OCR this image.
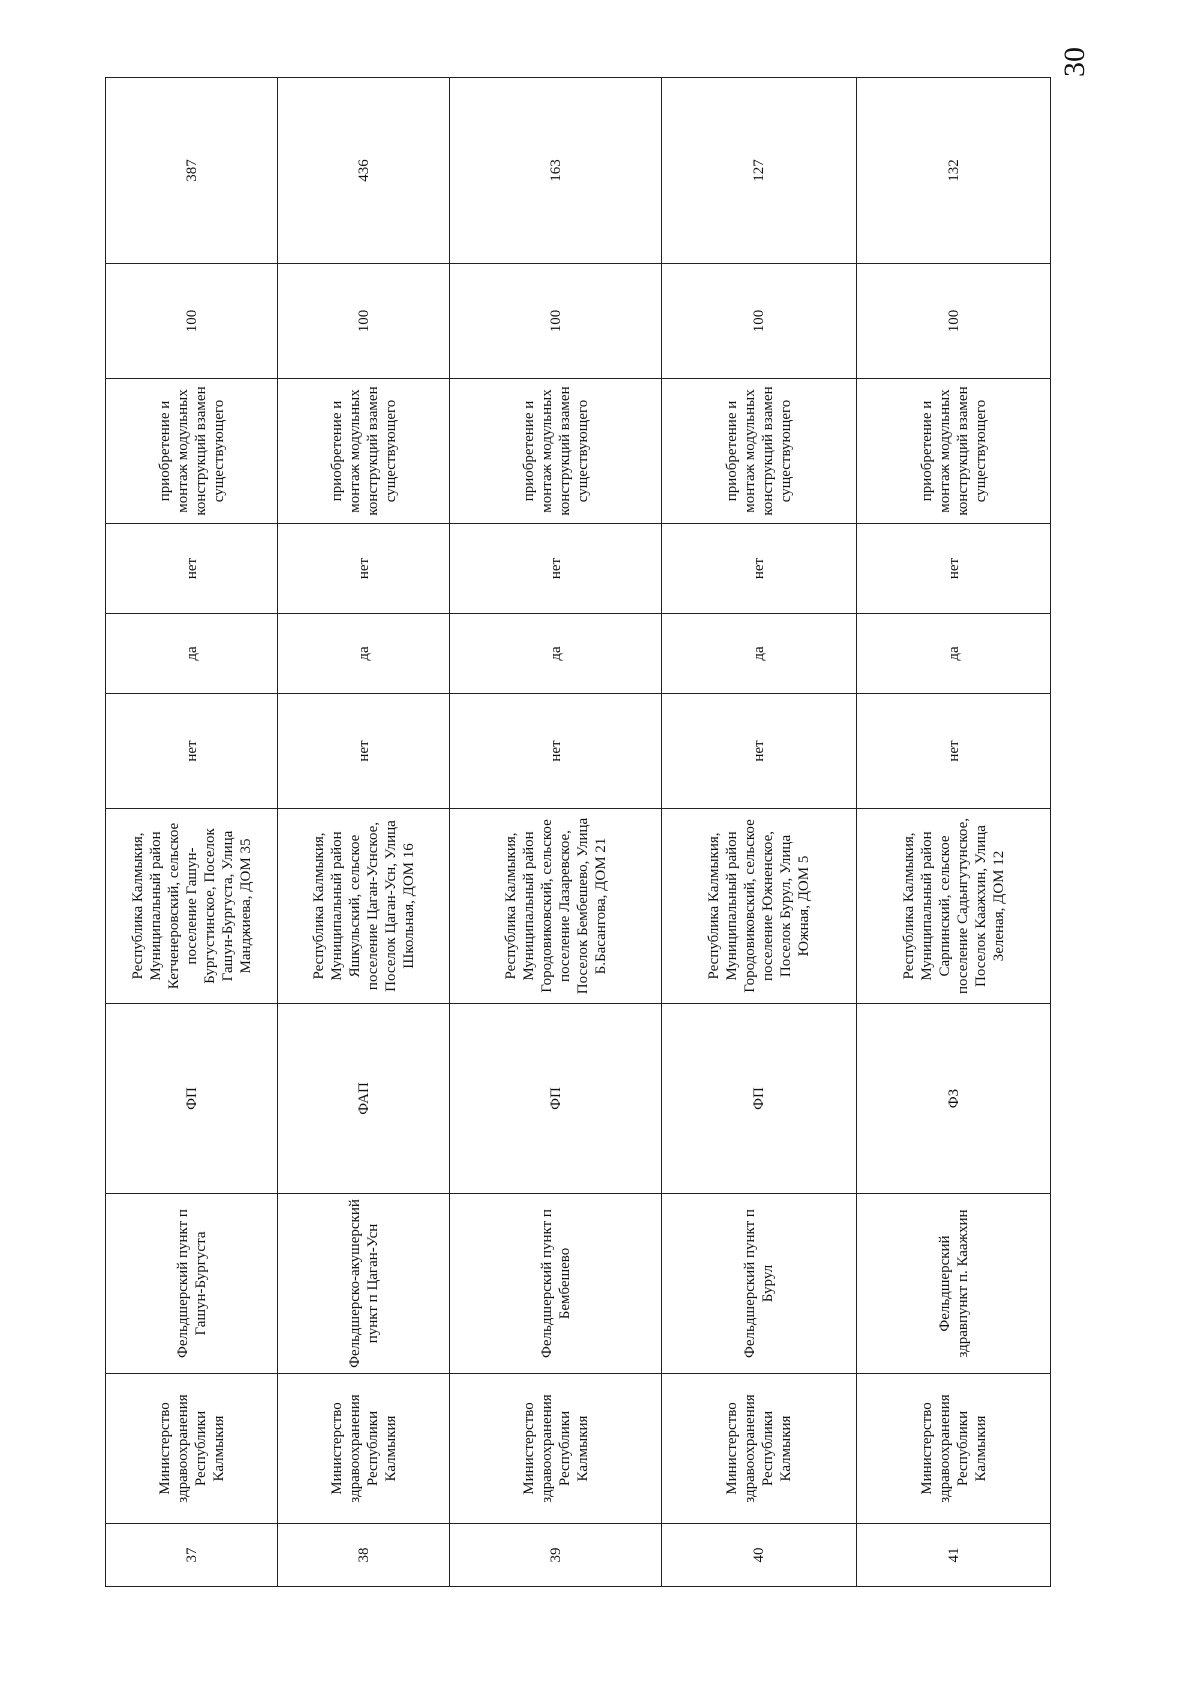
30
37	Министерство здравоохранения Республики Калмыкия	Фельдшерский пункт п Гашун-Бургуста	ФП	Республика Калмыкия, Муниципальный район Кетченеровский, сельское поселение Гашун-Бургустинское, Поселок Гашун-Бургуста, Улица Манджиева, ДОМ 35	нет	да	нет	приобретение и монтаж модульных конструкций взамен существующего	100	387
38	Министерство здравоохранения Республики Калмыкия	Фельдшерско-акушерский пункт п Цаган-Усн	ФАП	Республика Калмыкия, Муниципальный район Яшкульский, сельское поселение Цаган-Уснское, Поселок Цаган-Усн, Улица Школьная, ДОМ 16	нет	да	нет	приобретение и монтаж модульных конструкций взамен существующего	100	436
39	Министерство здравоохранения Республики Калмыкия	Фельдшерский пункт п Бембешево	ФП	Республика Калмыкия, Муниципальный район Городовиковский, сельское поселение Лазаревское, Поселок Бембешево, Улица Б.Басангова, ДОМ 21	нет	да	нет	приобретение и монтаж модульных конструкций взамен существующего	100	163
40	Министерство здравоохранения Республики Калмыкия	Фельдшерский пункт п Бурул	ФП	Республика Калмыкия, Муниципальный район Городовиковский, сельское поселение Южненское, Поселок Бурул, Улица Южная, ДОМ 5	нет	да	нет	приобретение и монтаж модульных конструкций взамен существующего	100	127
41	Министерство здравоохранения Республики Калмыкия	Фельдшерский здравпункт п. Каажхин	ФЗ	Республика Калмыкия, Муниципальный район Сарпинский, сельское поселение Садьнгутунское, Поселок Каажхин, Улица Зеленая, ДОМ 12	нет	да	нет	приобретение и монтаж модульных конструкций взамен существующего	100	132
